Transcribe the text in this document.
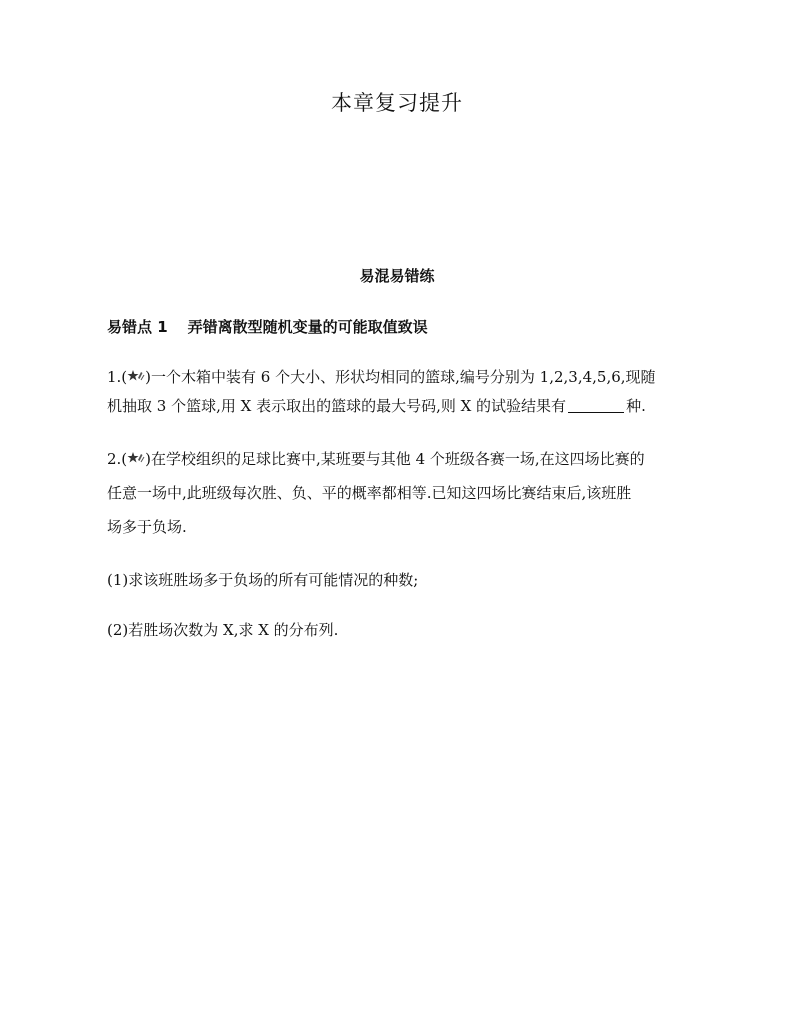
本章复习提升
易混易错练
易错点 1 弄错离散型随机变量的可能取值致误
1.( )一个木箱中装有 6 个大小、形状均相同的篮球,编号分别为 1,2,3,4,5,6,现随
机抽取 3 个篮球,用 X 表示取出的篮球的最大号码,则 X 的试验结果有	种.
2.( )在学校组织的足球比赛中,某班要与其他 4 个班级各赛一场,在这四场比赛的
任意一场中,此班级每次胜、负、平的概率都相等.已知这四场比赛结束后,该班胜
场多于负场.
(1)求该班胜场多于负场的所有可能情况的种数;
(2)若胜场次数为 X,求 X 的分布列.
